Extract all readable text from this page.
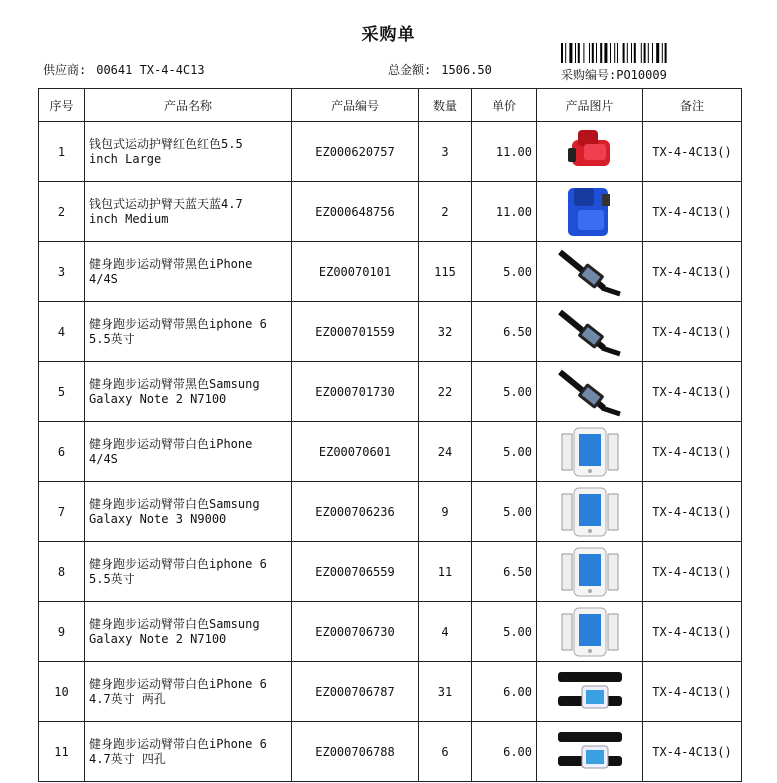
采购单
供应商: 00641 TX-4-4C13	总金额: 1506.50	采购编号:PO10009
序号	产品名称	产品编号	数量	单价	产品图片	备注
1	钱包式运动护臂红色红色5.5
inch Large	EZ000620757	3	11.00		TX-4-4C13()
2	钱包式运动护臂天蓝天蓝4.7
inch Medium	EZ000648756	2	11.00		TX-4-4C13()
3	健身跑步运动臂带黑色iPhone
4/4S	EZ00070101	115	5.00		TX-4-4C13()
4	健身跑步运动臂带黑色iphone 6
5.5英寸	EZ000701559	32	6.50		TX-4-4C13()
5	健身跑步运动臂带黑色Samsung
Galaxy Note 2 N7100	EZ000701730	22	5.00		TX-4-4C13()
6	健身跑步运动臂带白色iPhone
4/4S	EZ00070601	24	5.00		TX-4-4C13()
7	健身跑步运动臂带白色Samsung
Galaxy Note 3 N9000	EZ000706236	9	5.00		TX-4-4C13()
8	健身跑步运动臂带白色iphone 6
5.5英寸	EZ000706559	11	6.50		TX-4-4C13()
9	健身跑步运动臂带白色Samsung
Galaxy Note 2 N7100	EZ000706730	4	5.00		TX-4-4C13()
10	健身跑步运动臂带白色iPhone 6
4.7英寸 两孔	EZ000706787	31	6.00		TX-4-4C13()
11	健身跑步运动臂带白色iPhone 6
4.7英寸 四孔	EZ000706788	6	6.00		TX-4-4C13()
